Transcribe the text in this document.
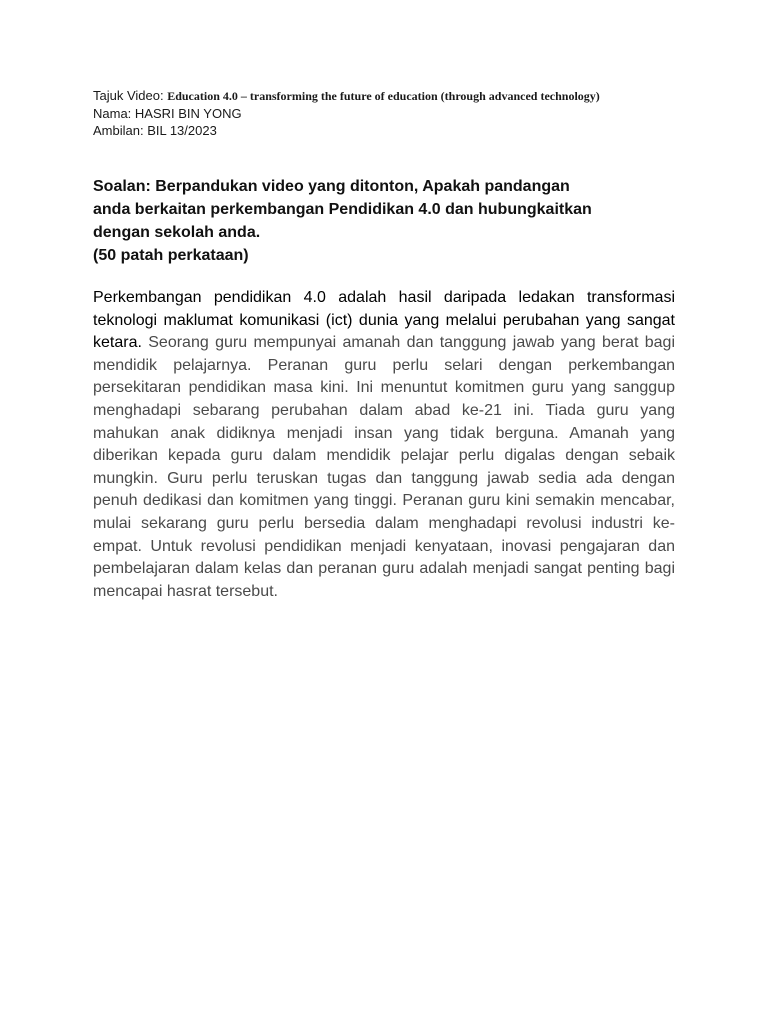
Tajuk Video: Education 4.0 – transforming the future of education (through advanced technology)
Nama: HASRI BIN YONG
Ambilan: BIL 13/2023
Soalan: Berpandukan video yang ditonton, Apakah pandangan
anda berkaitan perkembangan Pendidikan 4.0 dan hubungkaitkan
dengan sekolah anda.
(50 patah perkataan)
Perkembangan pendidikan 4.0 adalah hasil daripada ledakan transformasi teknologi maklumat komunikasi (ict) dunia yang melalui perubahan yang sangat ketara. Seorang guru mempunyai amanah dan tanggung jawab yang berat bagi mendidik pelajarnya. Peranan guru perlu selari dengan perkembangan persekitaran pendidikan masa kini. Ini menuntut komitmen guru yang sanggup menghadapi sebarang perubahan dalam abad ke-21 ini. Tiada guru yang mahukan anak didiknya menjadi insan yang tidak berguna. Amanah yang diberikan kepada guru dalam mendidik pelajar perlu digalas dengan sebaik mungkin. Guru perlu teruskan tugas dan tanggung jawab sedia ada dengan penuh dedikasi dan komitmen yang tinggi. Peranan guru kini semakin mencabar, mulai sekarang guru perlu bersedia dalam menghadapi revolusi industri ke-empat. Untuk revolusi pendidikan menjadi kenyataan, inovasi pengajaran dan pembelajaran dalam kelas dan peranan guru adalah menjadi sangat penting bagi mencapai hasrat tersebut.
